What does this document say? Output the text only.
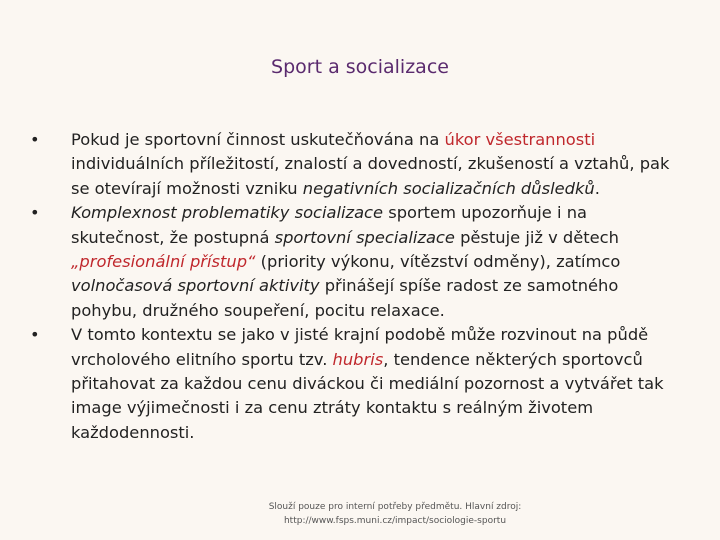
Sport a socializace
• Pokud je sportovní činnost uskutečňována na úkor všestrannosti individuálních příležitostí, znalostí a dovedností, zkušeností a vztahů, pak se otevírají možnosti vzniku negativních socializačních důsledků.
• Komplexnost problematiky socializace sportem upozorňuje i na skutečnost, že postupná sportovní specializace pěstuje již v dětech „profesionální přístup“ (priority výkonu, vítězství odměny), zatímco volnočasová sportovní aktivity přinášejí spíše radost ze samotného pohybu, družného soupeření, pocitu relaxace.
• V tomto kontextu se jako v jisté krajní podobě může rozvinout na půdě vrcholového elitního sportu tzv. hubris, tendence některých sportovců přitahovat za každou cenu diváckou či mediální pozornost a vytvářet tak image výjimečnosti i za cenu ztráty kontaktu s reálným životem každodennosti.
Slouží pouze pro interní potřeby předmětu. Hlavní zdroj:
http://www.fsps.muni.cz/impact/sociologie-sportu
